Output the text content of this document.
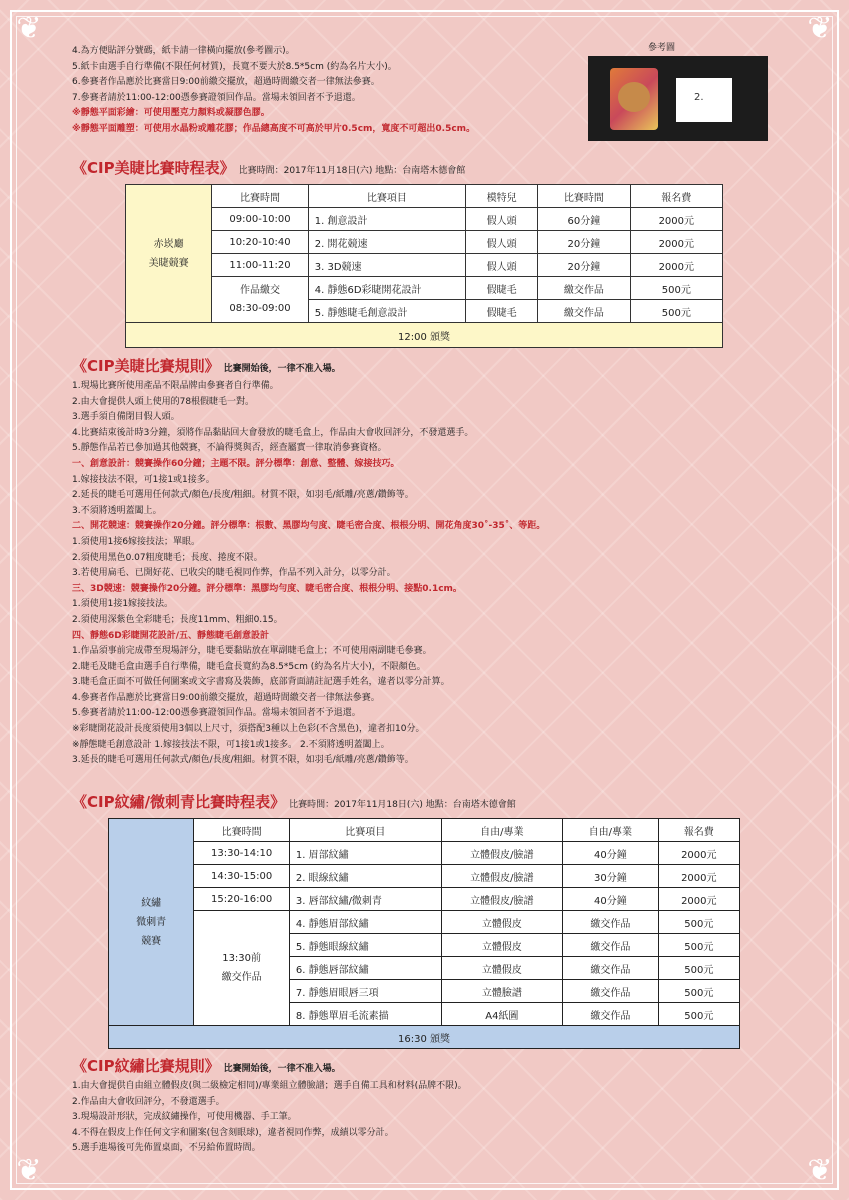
❦	❦
❦	❦
4.為方便貼評分號碼，紙卡請一律橫向擺放(參考圖示)。
5.紙卡由選手自行準備(不限任何材質)，長寬不要大於8.5*5cm (約為名片大小)。
6.參賽者作品應於比賽當日9:00前繳交擺放，超過時間繳交者一律無法參賽。
7.參賽者請於11:00-12:00憑參賽證領回作品。當場未領回者不予退還。
※靜態平面彩繪：可使用壓克力顏料或凝膠色膠。
※靜態平面雕塑：可使用水晶粉或雕花膠；作品總高度不可高於甲片0.5cm，寬度不可超出0.5cm。
參考圖
2.
《CIP美睫比賽時程表》 比賽時間：2017年11月18日(六) 地點：台南塔木德會館
赤崁廳
美睫競賽	比賽時間	比賽項目	模特兒	比賽時間	報名費
	09:00-10:00	1. 創意設計	假人頭	60分鐘	2000元
	10:20-10:40	2. 開花競速	假人頭	20分鐘	2000元
	11:00-11:20	3. 3D競速	假人頭	20分鐘	2000元
	作品繳交
08:30-09:00	4. 靜態6D彩睫開花設計	假睫毛	繳交作品	500元
		5. 靜態睫毛創意設計	假睫毛	繳交作品	500元
12:00 頒獎					
《CIP美睫比賽規則》 比賽開始後，一律不准入場。
1.現場比賽所使用產品不限品牌由參賽者自行準備。
2.由大會提供人頭上使用的78根假睫毛一對。
3.選手須自備閉目假人頭。
4.比賽結束後計時3分鐘，須將作品黏貼回大會發放的睫毛盒上，作品由大會收回評分，不發還選手。
5.靜態作品若已參加過其他競賽，不論得獎與否，經查屬實一律取消參賽資格。
一、創意設計：競賽操作60分鐘；主題不限。評分標準：創意、整體、嫁接技巧。
1.嫁接技法不限，可1接1或1接多。
2.延長的睫毛可選用任何款式/顏色/長度/粗細。材質不限，如羽毛/紙雕/亮蔥/鑽飾等。
3.不須將透明蓋闔上。
二、開花競速：競賽操作20分鐘。評分標準：根數、黑膠均勻度、睫毛密合度、根根分明、開花角度30˚-35˚、等距。
1.須使用1接6嫁接技法；單眼。
2.須使用黑色0.07粗度睫毛；長度、捲度不限。
3.若使用扁毛、已開好花、已收尖的睫毛視同作弊，作品不列入計分，以零分計。
三、3D競速：競賽操作20分鐘。評分標準：黑膠均勻度、睫毛密合度、根根分明、接點0.1cm。
1.須使用1接1嫁接技法。
2.須使用深紫色全彩睫毛；長度11mm、粗細0.15。
四、靜態6D彩睫開花設計/五、靜態睫毛創意設計
1.作品須事前完成帶至現場評分，睫毛要黏貼放在單副睫毛盒上；不可使用兩副睫毛參賽。
2.睫毛及睫毛盒由選手自行準備，睫毛盒長寬約為8.5*5cm (約為名片大小)，不限顏色。
3.睫毛盒正面不可做任何圖案或文字書寫及裝飾，底部背面請註記選手姓名，違者以零分計算。
4.參賽者作品應於比賽當日9:00前繳交擺放，超過時間繳交者一律無法參賽。
5.參賽者請於11:00-12:00憑參賽證領回作品。當場未領回者不予退還。
※彩睫開花設計長度須使用3個以上尺寸，須搭配3種以上色彩(不含黑色)，違者扣10分。
※靜態睫毛創意設計 1.嫁接技法不限，可1接1或1接多。 2.不須將透明蓋闔上。
3.延長的睫毛可選用任何款式/顏色/長度/粗細。材質不限，如羽毛/紙雕/亮蔥/鑽飾等。
《CIP紋繡/微刺青比賽時程表》 比賽時間：2017年11月18日(六) 地點：台南塔木德會館
紋繡
微刺青
競賽	比賽時間	比賽項目	自由/專業	自由/專業	報名費
	13:30-14:10	1. 眉部紋繡	立體假皮/臉譜	40分鐘	2000元
	14:30-15:00	2. 眼線紋繡	立體假皮/臉譜	30分鐘	2000元
	15:20-16:00	3. 唇部紋繡/微刺青	立體假皮/臉譜	40分鐘	2000元
	13:30前
繳交作品	4. 靜態眉部紋繡	立體假皮	繳交作品	500元
		5. 靜態眼線紋繡	立體假皮	繳交作品	500元
		6. 靜態唇部紋繡	立體假皮	繳交作品	500元
		7. 靜態眉眼唇三項	立體臉譜	繳交作品	500元
		8. 靜態單眉毛流素描	A4紙圖	繳交作品	500元
16:30 頒獎					
《CIP紋繡比賽規則》 比賽開始後，一律不准入場。
1.由大會提供自由組立體假皮(與二級檢定相同)/專業組立體臉譜；選手自備工具和材料(品牌不限)。
2.作品由大會收回評分，不發還選手。
3.現場設計形狀，完成紋繡操作，可使用機器、手工筆。
4.不得在假皮上作任何文字和圖案(包含刻眼球)，違者視同作弊，成績以零分計。
5.選手進場後可先佈置桌面，不另給佈置時間。
